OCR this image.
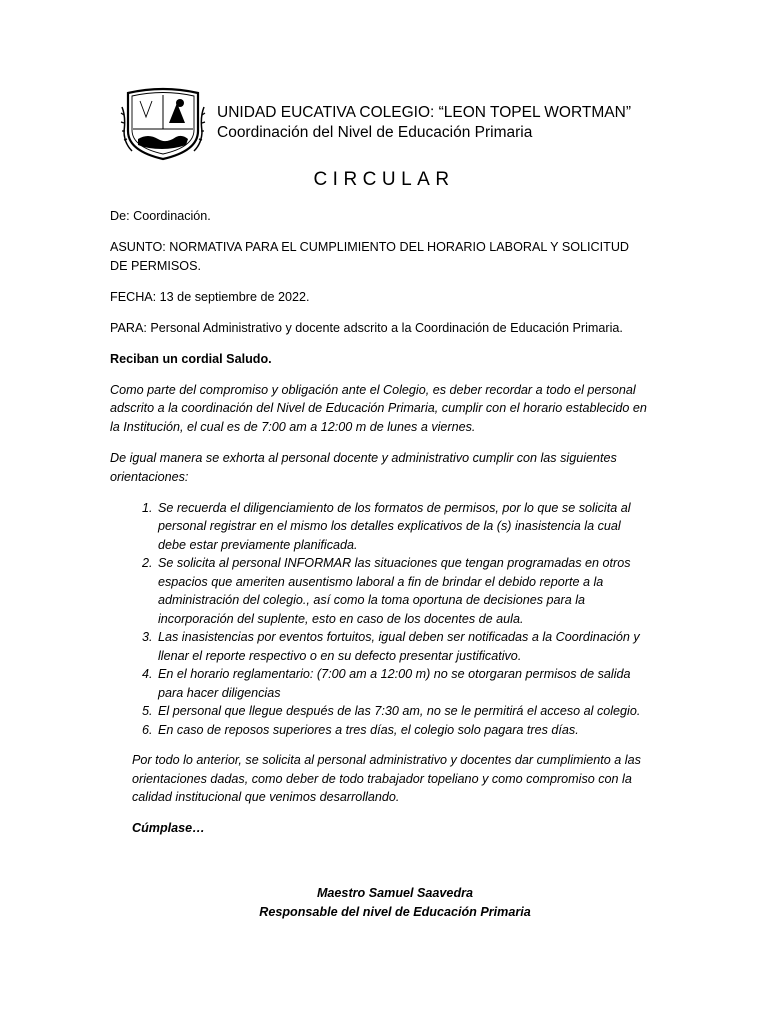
UNIDAD EUCATIVA COLEGIO: “LEON TOPEL WORTMAN”
Coordinación del Nivel de Educación Primaria
CIRCULAR

De: Coordinación.

ASUNTO: NORMATIVA PARA EL CUMPLIMIENTO DEL HORARIO LABORAL Y SOLICITUD DE PERMISOS.

FECHA: 13 de septiembre de 2022.

PARA: Personal Administrativo y docente adscrito a la Coordinación de Educación Primaria.

Reciban un cordial Saludo.

Como parte del compromiso y obligación ante el Colegio, es deber recordar a todo el personal adscrito a la coordinación del Nivel de Educación Primaria, cumplir con el horario establecido en la Institución, el cual es de 7:00 am a 12:00 m de lunes a viernes.

De igual manera se exhorta al personal docente y administrativo cumplir con las siguientes orientaciones:

1. Se recuerda el diligenciamiento de los formatos de permisos, por lo que se solicita al personal registrar en el mismo los detalles explicativos de la (s) inasistencia la cual debe estar previamente planificada.
2. Se solicita al personal INFORMAR las situaciones que tengan programadas en otros espacios que ameriten ausentismo laboral a fin de brindar el debido reporte a la administración del colegio., así como la toma oportuna de decisiones para la incorporación del suplente, esto en caso de los docentes de aula.
3. Las inasistencias por eventos fortuitos, igual deben ser notificadas a la Coordinación y llenar el reporte respectivo o en su defecto presentar justificativo.
4. En el horario reglamentario: (7:00 am a 12:00 m) no se otorgaran permisos de salida para hacer diligencias
5. El personal que llegue después de las 7:30 am, no se le permitirá el acceso al colegio.
6. En caso de reposos superiores a tres días, el colegio solo pagara tres días.

Por todo lo anterior, se solicita al personal administrativo y docentes dar cumplimiento a las orientaciones dadas, como deber de todo trabajador topeliano y como compromiso con la calidad institucional que venimos desarrollando.

Cúmplase…

Maestro Samuel Saavedra
Responsable del nivel de Educación Primaria
